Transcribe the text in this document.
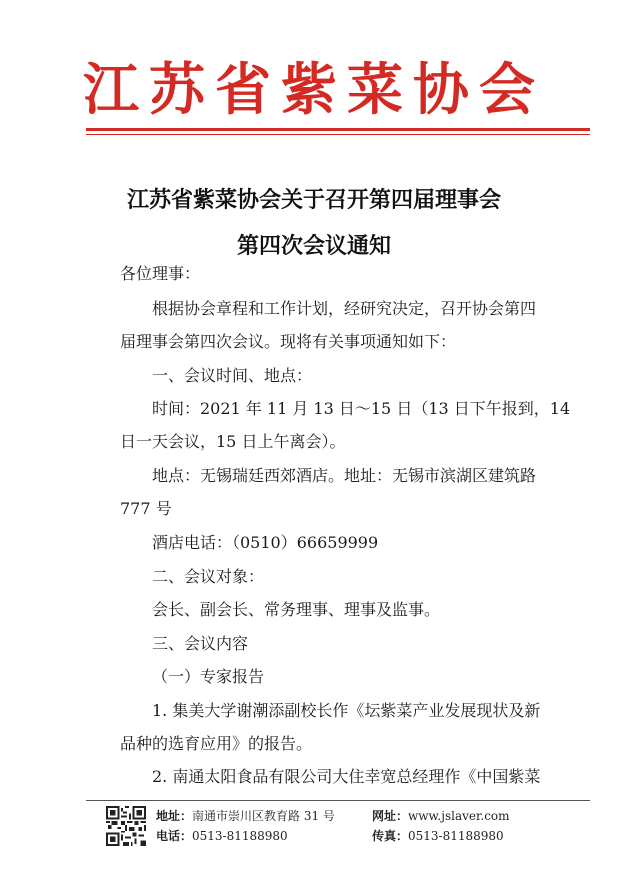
江苏省紫菜协会
江苏省紫菜协会关于召开第四届理事会
第四次会议通知
各位理事：
根据协会章程和工作计划，经研究决定，召开协会第四
届理事会第四次会议。现将有关事项通知如下：
一、会议时间、地点：
时间：2021 年 11 月 13 日～15 日（13 日下午报到，14
日一天会议，15 日上午离会）。
地点：无锡瑞廷西郊酒店。地址：无锡市滨湖区建筑路
777 号
酒店电话：（0510）66659999
二、会议对象：
会长、副会长、常务理事、理事及监事。
三、会议内容
（一）专家报告
1. 集美大学谢潮添副校长作《坛紫菜产业发展现状及新
品种的选育应用》的报告。
2. 南通太阳食品有限公司大住幸宽总经理作《中国紫菜
地址：南通市崇川区教育路 31 号
电话：0513-81188980
网址：www.jslaver.com
传真：0513-81188980
